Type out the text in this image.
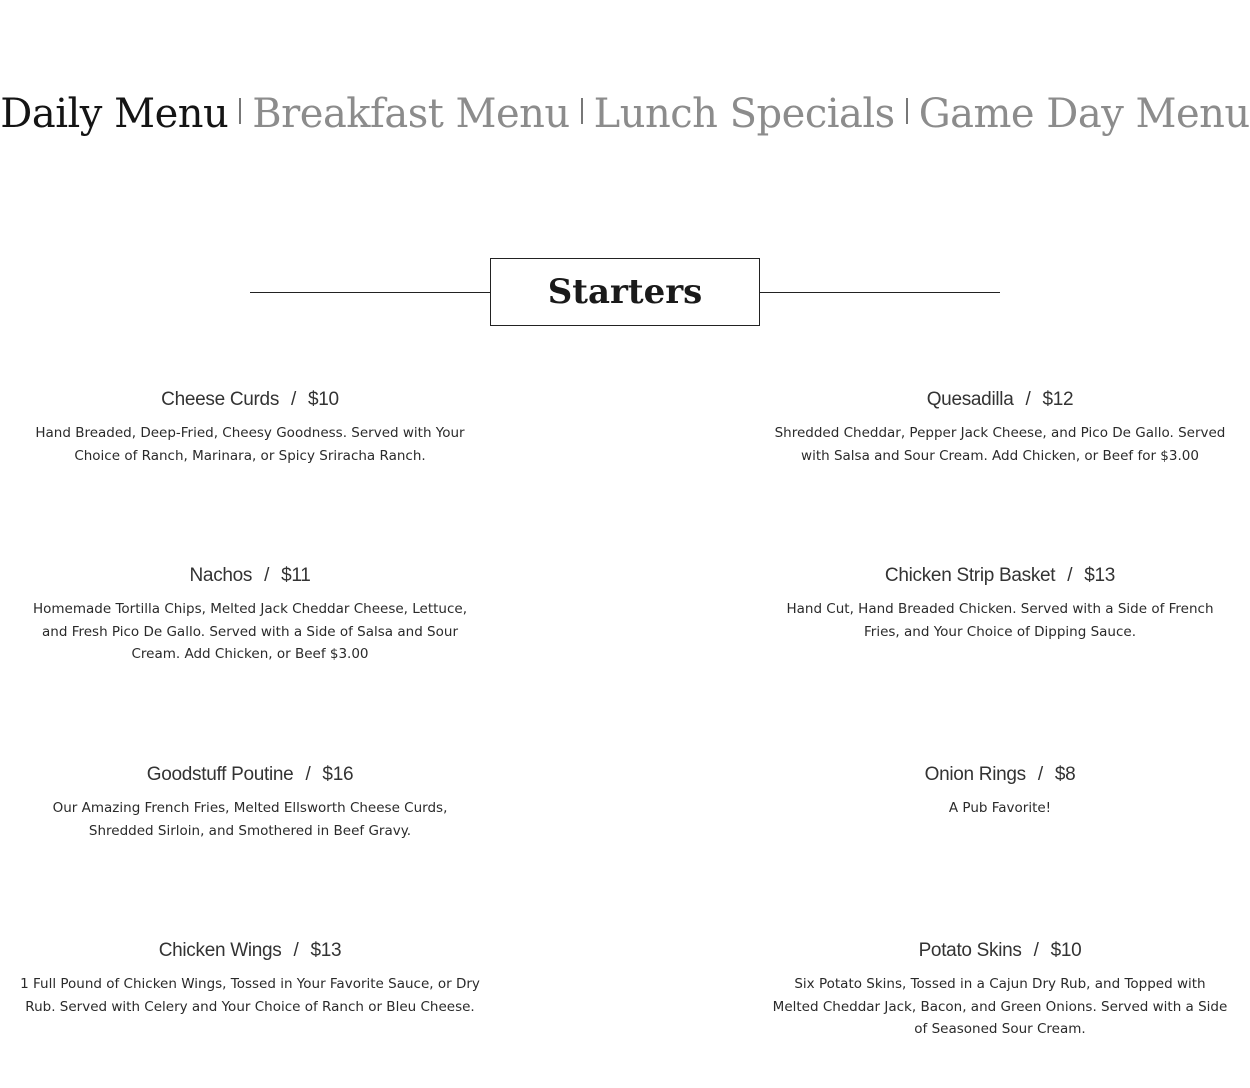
Daily Menu Breakfast Menu Lunch Specials Game Day Menu
Starters
Cheese Curds / $10
Hand Breaded, Deep-Fried, Cheesy Goodness. Served with Your Choice of Ranch, Marinara, or Spicy Sriracha Ranch.
Quesadilla / $12
Shredded Cheddar, Pepper Jack Cheese, and Pico De Gallo. Served with Salsa and Sour Cream. Add Chicken, or Beef for $3.00
Nachos / $11
Homemade Tortilla Chips, Melted Jack Cheddar Cheese, Lettuce, and Fresh Pico De Gallo. Served with a Side of Salsa and Sour Cream. Add Chicken, or Beef $3.00
Chicken Strip Basket / $13
Hand Cut, Hand Breaded Chicken. Served with a Side of French Fries, and Your Choice of Dipping Sauce.
Goodstuff Poutine / $16
Our Amazing French Fries, Melted Ellsworth Cheese Curds, Shredded Sirloin, and Smothered in Beef Gravy.
Onion Rings / $8
A Pub Favorite!
Chicken Wings / $13
1 Full Pound of Chicken Wings, Tossed in Your Favorite Sauce, or Dry Rub. Served with Celery and Your Choice of Ranch or Bleu Cheese.
Potato Skins / $10
Six Potato Skins, Tossed in a Cajun Dry Rub, and Topped with Melted Cheddar Jack, Bacon, and Green Onions. Served with a Side of Seasoned Sour Cream.
